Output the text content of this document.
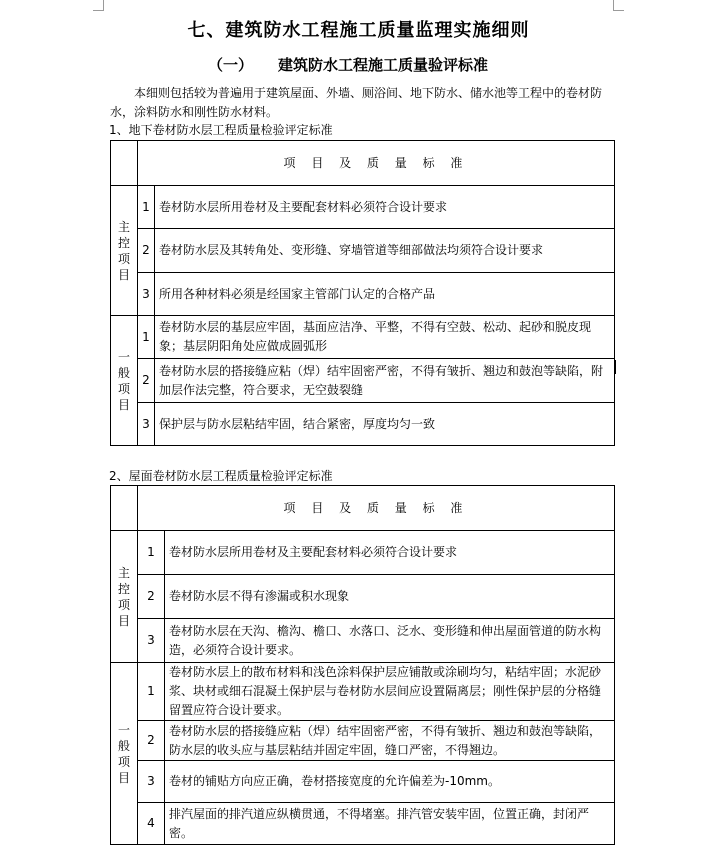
七、建筑防水工程施工质量监理实施细则
（一） 建筑防水工程施工质量验评标准
本细则包括较为普遍用于建筑屋面、外墙、厕浴间、地下防水、储水池等工程中的卷材防水，涂料防水和刚性防水材料。
1、地下卷材防水层工程质量检验评定标准
	项 目 及 质 量 标 准	
主
控
项
目	1	卷材防水层所用卷材及主要配套材料必须符合设计要求
	2	卷材防水层及其转角处、变形缝、穿墙管道等细部做法均须符合设计要求
	3	所用各种材料必须是经国家主管部门认定的合格产品
一
般
项
目	1	卷材防水层的基层应牢固，基面应洁净、平整，不得有空鼓、松动、起砂和脱皮现象；基层阴阳角处应做成圆弧形
	2	卷材防水层的搭接缝应粘（焊）结牢固密严密，不得有皱折、翘边和鼓泡等缺陷，附加层作法完整，符合要求，无空鼓裂缝
	3	保护层与防水层粘结牢固，结合紧密，厚度均匀一致
2、屋面卷材防水层工程质量检验评定标准
	项 目 及 质 量 标 准	
主
控
项
目	1	卷材防水层所用卷材及主要配套材料必须符合设计要求
	2	卷材防水层不得有渗漏或积水现象
	3	卷材防水层在天沟、檐沟、檐口、水落口、泛水、变形缝和伸出屋面管道的防水构造，必须符合设计要求。
一
般
项
目	1	卷材防水层上的散布材料和浅色涂料保护层应铺散或涂刷均匀，粘结牢固；水泥砂浆、块材或细石混凝土保护层与卷材防水层间应设置隔离层；刚性保护层的分格缝留置应符合设计要求。
	2	卷材防水层的搭接缝应粘（焊）结牢固密严密，不得有皱折、翘边和鼓泡等缺陷，防水层的收头应与基层粘结并固定牢固，缝口严密，不得翘边。
	3	卷材的铺贴方向应正确，卷材搭接宽度的允许偏差为-10mm。
	4	排汽屋面的排汽道应纵横贯通，不得堵塞。排汽管安装牢固，位置正确，封闭严密。
